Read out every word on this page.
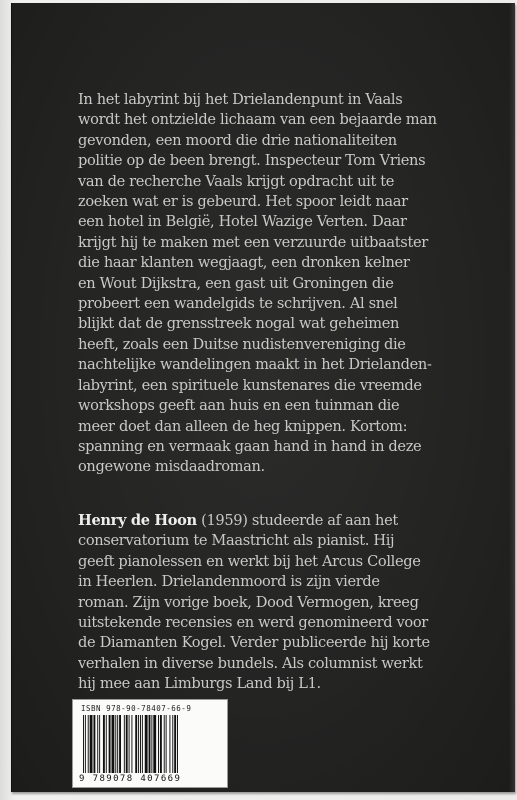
In het labyrint bij het Drielandenpunt in Vaals
wordt het ontzielde lichaam van een bejaarde man
gevonden, een moord die drie nationaliteiten
politie op de been brengt. Inspecteur Tom Vriens
van de recherche Vaals krijgt opdracht uit te
zoeken wat er is gebeurd. Het spoor leidt naar
een hotel in België, Hotel Wazige Verten. Daar
krijgt hij te maken met een verzuurde uitbaatster
die haar klanten wegjaagt, een dronken kelner
en Wout Dijkstra, een gast uit Groningen die
probeert een wandelgids te schrijven. Al snel
blijkt dat de grensstreek nogal wat geheimen
heeft, zoals een Duitse nudistenvereniging die
nachtelijke wandelingen maakt in het Drielanden-
labyrint, een spirituele kunstenares die vreemde
workshops geeft aan huis en een tuinman die
meer doet dan alleen de heg knippen. Kortom:
spanning en vermaak gaan hand in hand in deze
ongewone misdaadroman.
Henry de Hoon (1959) studeerde af aan het
conservatorium te Maastricht als pianist. Hij
geeft pianolessen en werkt bij het Arcus College
in Heerlen. Drielandenmoord is zijn vierde
roman. Zijn vorige boek, Dood Vermogen, kreeg
uitstekende recensies en werd genomineerd voor
de Diamanten Kogel. Verder publiceerde hij korte
verhalen in diverse bundels. Als columnist werkt
hij mee aan Limburgs Land bij L1.
ISBN 978-90-78407-66-9
9 789078 407669
